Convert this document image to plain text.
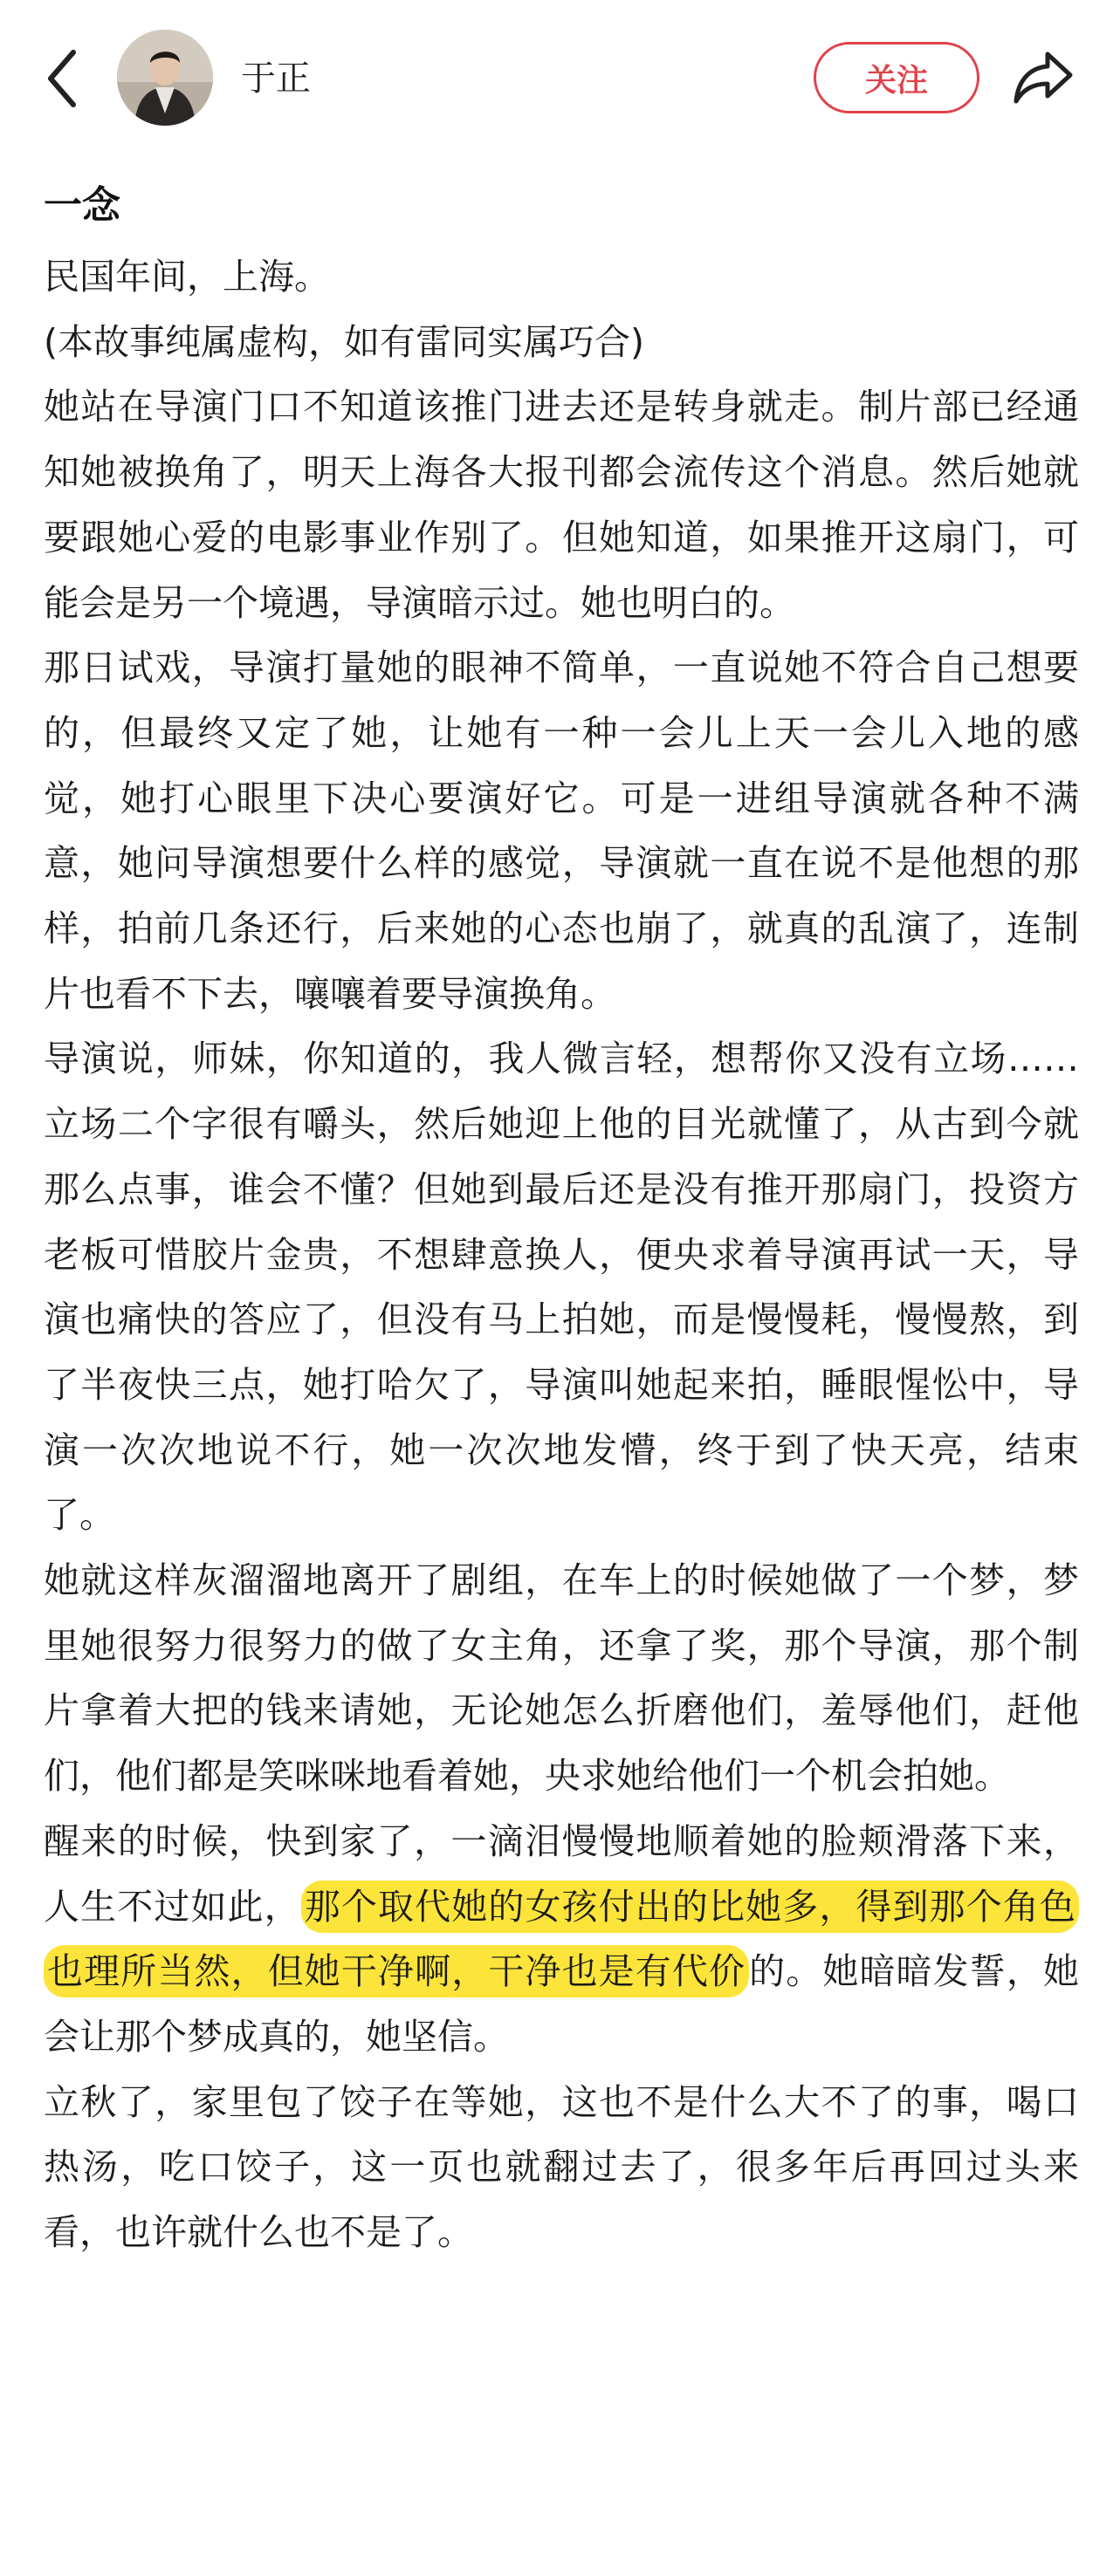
于正	关注
一念

民国年间，上海。

(本故事纯属虚构，如有雷同实属巧合)

她站在导演门口不知道该推门进去还是转身就走。制片部已经通知她被换角了，明天上海各大报刊都会流传这个消息。然后她就要跟她心爱的电影事业作别了。但她知道，如果推开这扇门，可能会是另一个境遇，导演暗示过。她也明白的。

那日试戏，导演打量她的眼神不简单，一直说她不符合自己想要的，但最终又定了她，让她有一种一会儿上天一会儿入地的感觉，她打心眼里下决心要演好它。可是一进组导演就各种不满意，她问导演想要什么样的感觉，导演就一直在说不是他想的那样，拍前几条还行，后来她的心态也崩了，就真的乱演了，连制片也看不下去，嚷嚷着要导演换角。

导演说，师妹，你知道的，我人微言轻，想帮你又没有立场……立场二个字很有嚼头，然后她迎上他的目光就懂了，从古到今就那么点事，谁会不懂？但她到最后还是没有推开那扇门，投资方老板可惜胶片金贵，不想肆意换人，便央求着导演再试一天，导演也痛快的答应了，但没有马上拍她，而是慢慢耗，慢慢熬，到了半夜快三点，她打哈欠了，导演叫她起来拍，睡眼惺忪中，导演一次次地说不行，她一次次地发懵，终于到了快天亮，结束了。

她就这样灰溜溜地离开了剧组，在车上的时候她做了一个梦，梦里她很努力很努力的做了女主角，还拿了奖，那个导演，那个制片拿着大把的钱来请她，无论她怎么折磨他们，羞辱他们，赶他们，他们都是笑咪咪地看着她，央求她给他们一个机会拍她。

醒来的时候，快到家了，一滴泪慢慢地顺着她的脸颊滑落下来，人生不过如此，那个取代她的女孩付出的比她多，得到那个角色也理所当然，但她干净啊，干净也是有代价的。她暗暗发誓，她会让那个梦成真的，她坚信。

立秋了，家里包了饺子在等她，这也不是什么大不了的事，喝口热汤，吃口饺子，这一页也就翻过去了，很多年后再回过头来看，也许就什么也不是了。
